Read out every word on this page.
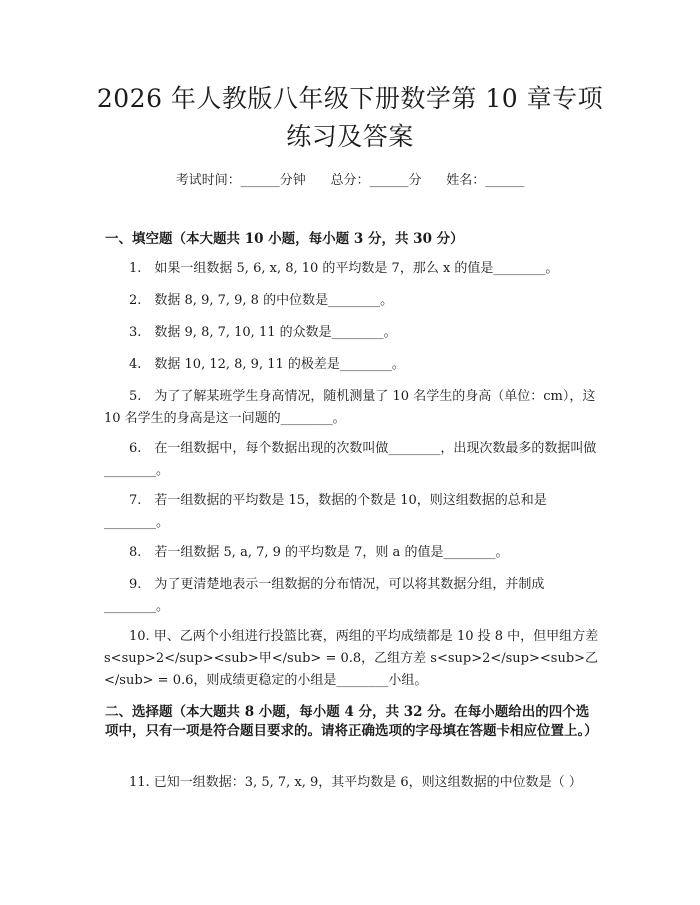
2026 年人教版八年级下册数学第 10 章专项
练习及答案
考试时间：______分钟      总分：______分      姓名：______
一、填空题（本大题共 10 小题，每小题 3 分，共 30 分）

1.　如果一组数据 5, 6, x, 8, 10 的平均数是 7，那么 x 的值是________。

2.　数据 8, 9, 7, 9, 8 的中位数是________。

3.　数据 9, 8, 7, 10, 11 的众数是________。

4.　数据 10, 12, 8, 9, 11 的极差是________。

5.　为了了解某班学生身高情况，随机测量了 10 名学生的身高（单位：cm），这 10 名学生的身高是这一问题的________。

6.　在一组数据中，每个数据出现的次数叫做________，出现次数最多的数据叫做________。

7.　若一组数据的平均数是 15，数据的个数是 10，则这组数据的总和是________。

8.　若一组数据 5, a, 7, 9 的平均数是 7，则 a 的值是________。

9.　为了更清楚地表示一组数据的分布情况，可以将其数据分组，并制成________。

10. 甲、乙两个小组进行投篮比赛，两组的平均成绩都是 10 投 8 中，但甲组方差 s<sup>2</sup><sub>甲</sub> = 0.8，乙组方差 s<sup>2</sup><sub>乙</sub> = 0.6，则成绩更稳定的小组是________小组。

二、选择题（本大题共 8 小题，每小题 4 分，共 32 分。在每小题给出的四个选项中，只有一项是符合题目要求的。请将正确选项的字母填在答题卡相应位置上。）

11. 已知一组数据：3, 5, 7, x, 9，其平均数是 6，则这组数据的中位数是（ ）
